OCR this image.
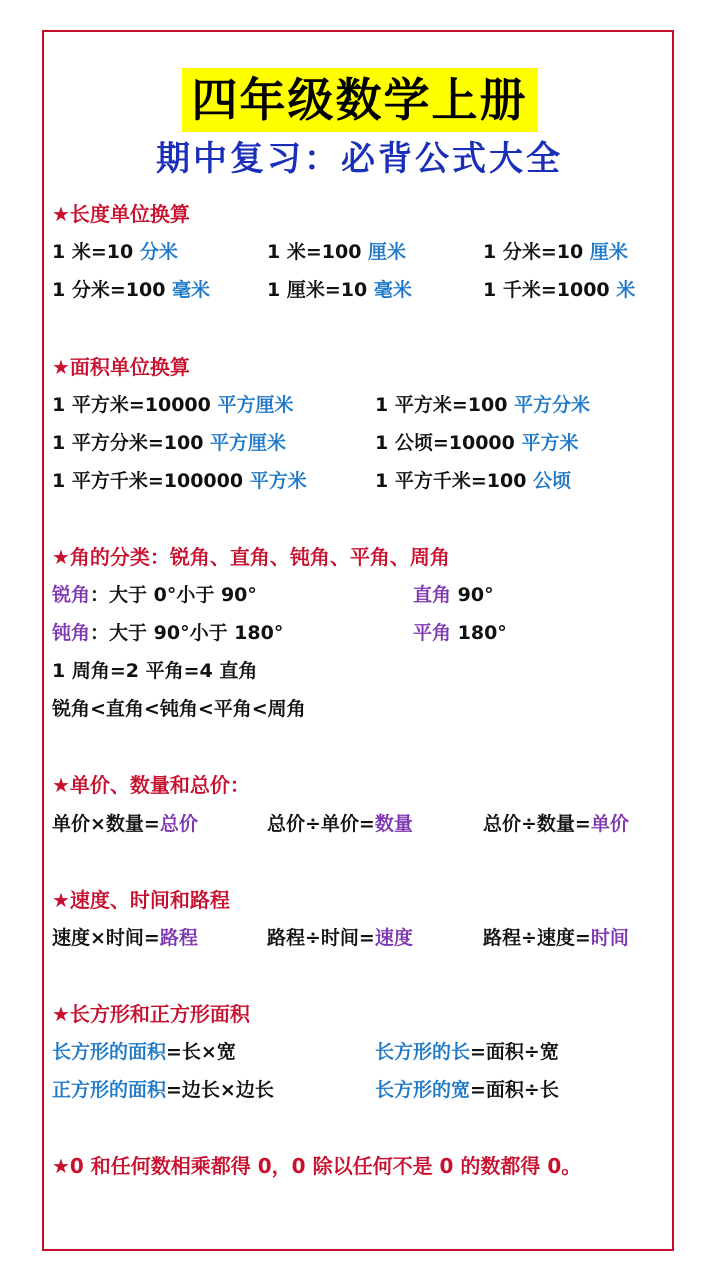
四年级数学上册
期中复习：必背公式大全
★长度单位换算
1 米=10 分米	1 米=100 厘米	1 分米=10 厘米
1 分米=100 毫米	1 厘米=10 毫米	1 千米=1000 米
★面积单位换算
1 平方米=10000 平方厘米	1 平方米=100 平方分米
1 平方分米=100 平方厘米	1 公顷=10000 平方米
1 平方千米=100000 平方米	1 平方千米=100 公顷
★角的分类：锐角、直角、钝角、平角、周角
锐角：大于 0°小于 90°	直角 90°
钝角：大于 90°小于 180°	平角 180°
1 周角=2 平角=4 直角
锐角<直角<钝角<平角<周角
★单价、数量和总价：
单价×数量=总价	总价÷单价=数量	总价÷数量=单价
★速度、时间和路程
速度×时间=路程	路程÷时间=速度	路程÷速度=时间
★长方形和正方形面积
长方形的面积=长×宽	长方形的长=面积÷宽
正方形的面积=边长×边长	长方形的宽=面积÷长
★0 和任何数相乘都得 0，0 除以任何不是 0 的数都得 0。
